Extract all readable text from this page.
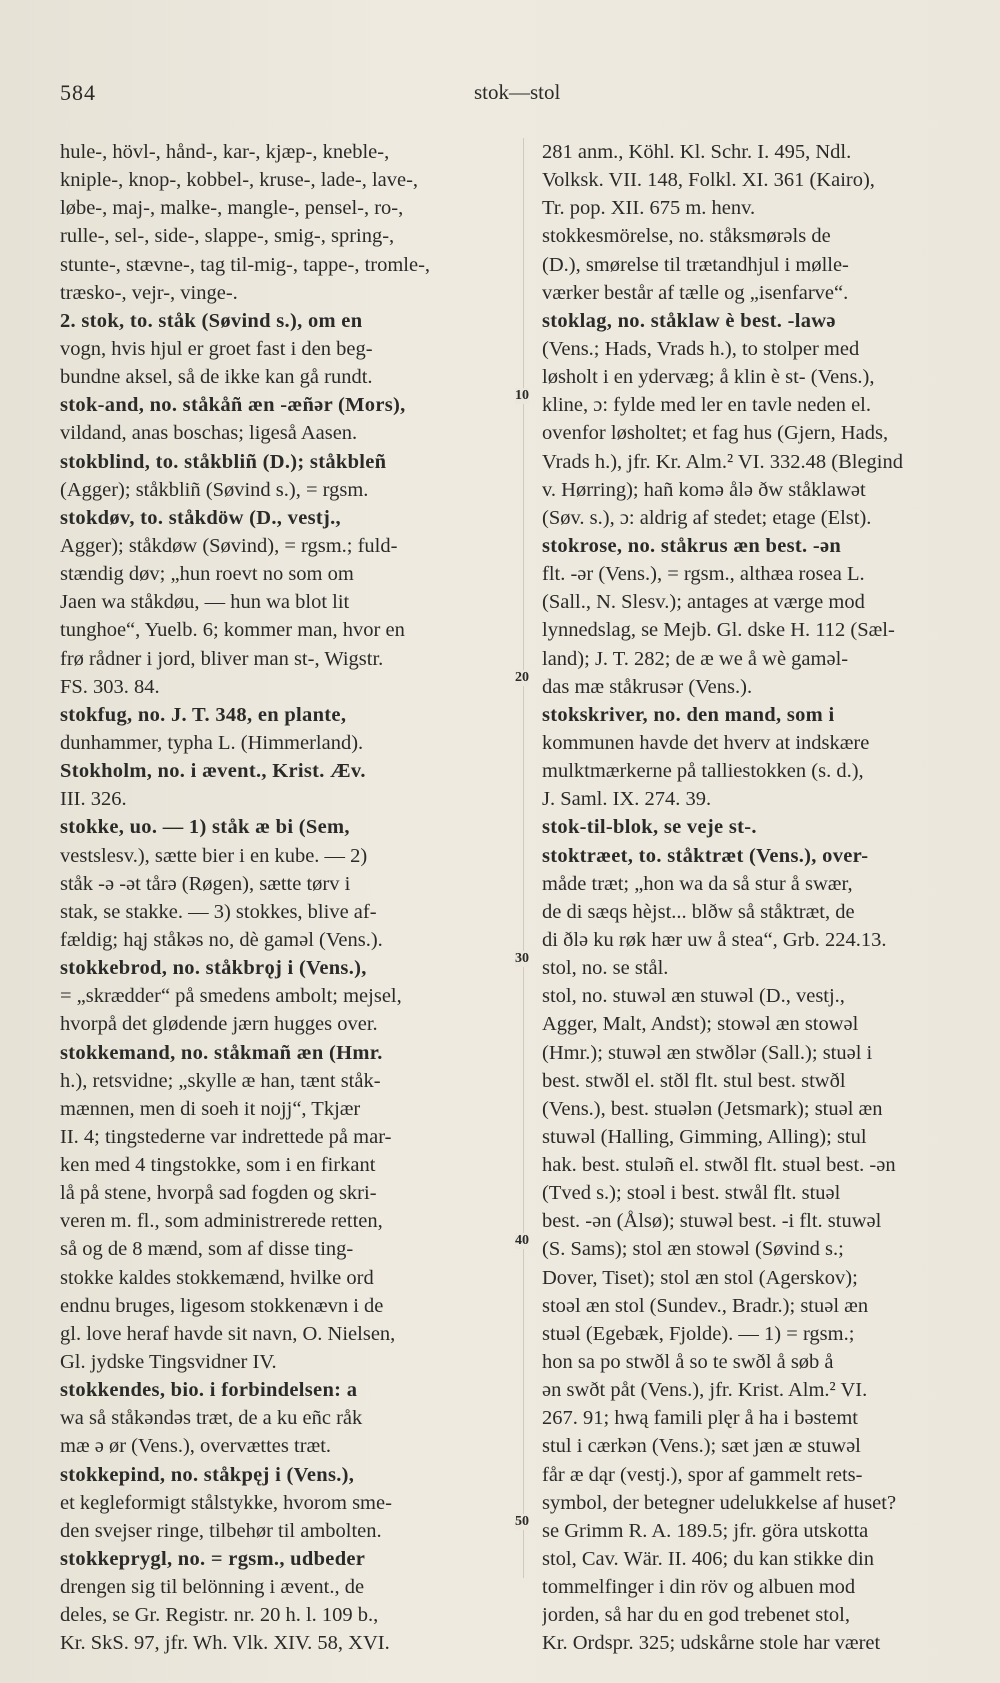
584	stok—stol
10
20
30
40
50
hule-, hövl-, hånd-, kar-, kjæp-, kneble-,
kniple-, knop-, kobbel-, kruse-, lade-, lave-,
løbe-, maj-, malke-, mangle-, pensel-, ro-,
rulle-, sel-, side-, slappe-, smig-, spring-,
stunte-, stævne-, tag til-mig-, tappe-, tromle-,
træsko-, vejr-, vinge-.
2. stok, to. ståk (Søvind s.), om en
vogn, hvis hjul er groet fast i den beg-
bundne aksel, så de ikke kan gå rundt.
stok-and, no. ståkåñ æn -æñər (Mors),
vildand, anas boschas; ligeså Aasen.
stokblind, to. ståkbliñ (D.); ståkbleñ
(Agger); ståkbliñ (Søvind s.), = rgsm.
stokdøv, to. ståkdöw (D., vestj.,
Agger); ståkdøw (Søvind), = rgsm.; fuld-
stændig døv; „hun roevt no som om
Jaen wa ståkdøu, — hun wa blot lit
tunghoe“, Yuelb. 6; kommer man, hvor en
frø rådner i jord, bliver man st-, Wigstr.
FS. 303. 84.
stokfug, no. J. T. 348, en plante,
dunhammer, typha L. (Himmerland).
Stokholm, no. i ævent., Krist. Æv.
III. 326.
stokke, uo. — 1) ståk æ bi (Sem,
vestslesv.), sætte bier i en kube. — 2)
ståk -ə -ət tårə (Røgen), sætte tørv i
stak, se stakke. — 3) stokkes, blive af-
fældig; hąj ståkəs no, dè gaməl (Vens.).
stokkebrod, no. ståkbrǫj i (Vens.),
= „skrædder“ på smedens ambolt; mejsel,
hvorpå det glødende jærn hugges over.
stokkemand, no. ståkmañ æn (Hmr.
h.), retsvidne; „skylle æ han, tænt ståk-
mænnen, men di soeh it nojj“, Tkjær
II. 4; tingstederne var indrettede på mar-
ken med 4 tingstokke, som i en firkant
lå på stene, hvorpå sad fogden og skri-
veren m. fl., som administrerede retten,
så og de 8 mænd, som af disse ting-
stokke kaldes stokkemænd, hvilke ord
endnu bruges, ligesom stokkenævn i de
gl. love heraf havde sit navn, O. Nielsen,
Gl. jydske Tingsvidner IV.
stokkendes, bio. i forbindelsen: a
wa så ståkəndəs træt, de a ku eñc råk
mæ ə ør (Vens.), overvættes træt.
stokkepind, no. ståkpęj i (Vens.),
et kegleformigt stålstykke, hvorom sme-
den svejser ringe, tilbehør til ambolten.
stokkeprygl, no. = rgsm., udbeder
drengen sig til belönning i ævent., de
deles, se Gr. Registr. nr. 20 h. l. 109 b.,
Kr. SkS. 97, jfr. Wh. Vlk. XIV. 58, XVI.
281 anm., Köhl. Kl. Schr. I. 495, Ndl.
Volksk. VII. 148, Folkl. XI. 361 (Kairo),
Tr. pop. XII. 675 m. henv.
stokkesmörelse, no. ståksmørəls de
(D.), smørelse til trætandhjul i mølle-
værker består af tælle og „isenfarve“.
stoklag, no. ståklaw è best. -lawə
(Vens.; Hads, Vrads h.), to stolper med
løsholt i en ydervæg; å klin è st- (Vens.),
kline, ɔ: fylde med ler en tavle neden el.
ovenfor løsholtet; et fag hus (Gjern, Hads,
Vrads h.), jfr. Kr. Alm.² VI. 332.48 (Blegind
v. Hørring); hañ komə ålə ðw ståklawət
(Søv. s.), ɔ: aldrig af stedet; etage (Elst).
stokrose, no. ståkrus æn best. -ən
flt. -ər (Vens.), = rgsm., althæa rosea L.
(Sall., N. Slesv.); antages at værge mod
lynnedslag, se Mejb. Gl. dske H. 112 (Sæl-
land); J. T. 282; de æ we å wè gaməl-
das mæ ståkrusər (Vens.).
stokskriver, no. den mand, som i
kommunen havde det hverv at indskære
mulktmærkerne på talliestokken (s. d.),
J. Saml. IX. 274. 39.
stok-til-blok, se veje st-.
stoktræet, to. ståktræt (Vens.), over-
måde træt; „hon wa da så stur å swær,
de di sæqs hèjst... blðw så ståktræt, de
di ðlə ku røk hær uw å stea“, Grb. 224.13.
stol, no. se stål.
stol, no. stuwəl æn stuwəl (D., vestj.,
Agger, Malt, Andst); stowəl æn stowəl
(Hmr.); stuwəl æn stwðlər (Sall.); stuəl i
best. stwðl el. stðl flt. stul best. stwðl
(Vens.), best. stuələn (Jetsmark); stuəl æn
stuwəl (Halling, Gimming, Alling); stul
hak. best. stuləñ el. stwðl flt. stuəl best. -ən
(Tved s.); stoəl i best. stwål flt. stuəl
best. -ən (Ålsø); stuwəl best. -i flt. stuwəl
(S. Sams); stol æn stowəl (Søvind s.;
Dover, Tiset); stol æn stol (Agerskov);
stoəl æn stol (Sundev., Bradr.); stuəl æn
stuəl (Egebæk, Fjolde). — 1) = rgsm.;
hon sa po stwðl å so te swðl å søb å
ən swðt påt (Vens.), jfr. Krist. Alm.² VI.
267. 91; hwą famili plęr å ha i bəstemt
stul i cærkən (Vens.); sæt jæn æ stuwəl
får æ dąr (vestj.), spor af gammelt rets-
symbol, der betegner udelukkelse af huset?
se Grimm R. A. 189.5; jfr. göra utskotta
stol, Cav. Wär. II. 406; du kan stikke din
tommelfinger i din röv og albuen mod
jorden, så har du en god trebenet stol,
Kr. Ordspr. 325; udskårne stole har været
